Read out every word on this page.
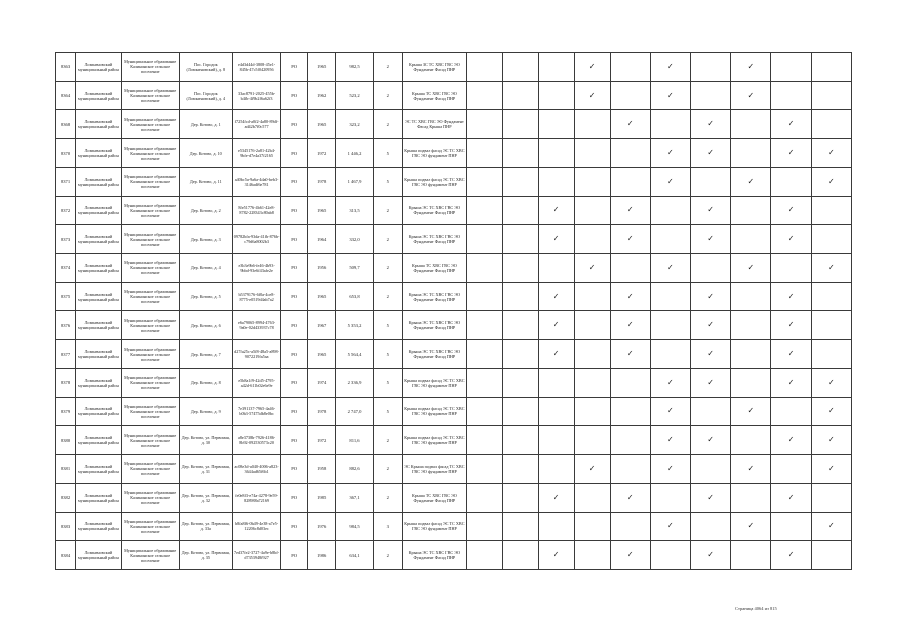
8363	Лозиненовский муниципальный район	Муниципальное образование Калининское сельское поселение	Пос. Городок (Лозиненовский), д. 8	e4d3d44d-3808-45e1-845b-47c5f0420956	РО	1965	982,5	2	Крыша ЗС ТС ХВС ГВС ЭО Фундамент Фасад ПНР				✓		✓		✓		
8364	Лозиненовский муниципальный район	Муниципальное образование Калининское сельское поселение	Пос. Городок (Лозиненовский), д. 4	33ac8791-2025-455b-b4fb-4f9b2f6a62f3	РО	1962	523,2	2	Крыша ТС ХВС ГВС ЭО Фундамент Фасад ПНР				✓		✓		✓		
8368	Лозиненовский муниципальный район	Муниципальное образование Калининское сельское поселение	Дер. Котово, д. 1	f7254fcd-a0f2-4a80-89df-ad42b7f0c577	РО	1965	323,2	2	ЭС ТС ХВС ГВС ЭО Фундамент Фасад Крыша ПНР					✓		✓		✓	
8370	Лозиненовский муниципальный район	Муниципальное образование Калининское сельское поселение	Дер. Котово, д. 10	e5345176-2a81-42b4-9bfe-d7e4a37f2165	РО	1972	1 446,2	5	Крыша подвал фасад ЭС ТС ХВС ГВС ЭО фундамент ПНР						✓	✓		✓	✓
8371	Лозиненовский муниципальный район	Муниципальное образование Калининское сельское поселение	Дер. Котово, д. 11	a40bc5a-9a6a-4da0-beb3-3146adf6e781	РО	1978	1 467,9	5	Крыша подвал фасад ЭС ТС ХВС ГВС ЭО фундамент ПНР						✓		✓		✓
8372	Лозиненовский муниципальный район	Муниципальное образование Калининское сельское поселение	Дер. Котово, д. 2	8fe51776-4b61-42e8-8782-228343c80ab8	РО	1965	313,5	2	Крыша ЭС ТС ХВС ГВС ЭО Фундамент Фасад ПНР			✓		✓		✓		✓	
8373	Лозиненовский муниципальный район	Муниципальное образование Калининское сельское поселение	Дер. Котово, д. 3	09782bfa-93da-41fb-876b-c79d6a8002b3	РО	1964	332,0	2	Крыша ЭС ТС ХВС ГВС ЭО Фундамент Фасад ПНР			✓		✓		✓		✓	
8374	Лозиненовский муниципальный район	Муниципальное образование Калининское сельское поселение	Дер. Котово, д. 4	e3b3e9b6-fe46-4b93-9bbd-93e6f43afe2e	РО	1956	509,7	2	Крыша ТС ХВС ГВС ЭО Фундамент Фасад ПНР				✓		✓		✓		✓
8375	Лозиненовский муниципальный район	Муниципальное образование Калининское сельское поселение	Дер. Котово, д. 5	b5379176-6f0a-4ce8-8775-e0519d4ab7a2	РО	1965	653,8	2	Крыша ЭС ТС ХВС ГВС ЭО Фундамент Фасад ПНР			✓		✓		✓		✓	
8376	Лозиненовский муниципальный район	Муниципальное образование Калининское сельское поселение	Дер. Котово, д. 6	e6a79065-8994-4763-9a0e-02d433937c78	РО	1967	5 353,2	5	Крыша ЭС ТС ХВС ГВС ЭО Фундамент Фасад ПНР			✓		✓		✓		✓	
8377	Лозиненовский муниципальный район	Муниципальное образование Калининское сельское поселение	Дер. Котово, д. 7	d27fa25c-a5f8-48a5-a898-9072219fa5aa	РО	1965	5 564,4	5	Крыша ЭС ТС ХВС ГВС ЭО Фундамент Фасад ПНР			✓		✓		✓		✓	
8378	Лозиненовский муниципальный район	Муниципальное образование Калининское сельское поселение	Дер. Котово, д. 8	e5b8a1f9-42d5-4795-a42d-611b02e6e9e	РО	1974	2 336,9	5	Крыша подвал фасад ЭС ТС ХВС ГВС ЭО фундамент ПНР						✓	✓		✓	✓
8379	Лозиненовский муниципальный район	Муниципальное образование Калининское сельское поселение	Дер. Котово, д. 9	7e391137-7965-4a46-b0b3-57475db8e0bc	РО	1978	2 747,0	5	Крыша подвал фасад ЭС ТС ХВС ГВС ЭО фундамент ПНР						✓		✓		✓
8380	Лозиненовский муниципальный район	Муниципальное образование Калининское сельское поселение	Дер. Котово, ул. Первомая, д. 30	a8e3738b-7926-4186-8b92-092530573c20	РО	1972	811,6	2	Крыша подвал фасад ЭС ТС ХВС ГВС ЭО фундамент ПНР						✓	✓		✓	✓
8381	Лозиненовский муниципальный район	Муниципальное образование Калининское сельское поселение	Дер. Котово, ул. Первомая, д. 31	ac08e3d-a040-4006-a823-3644ad65f6b1	РО	1958	882,6	2	ЭС Крыша подвал фасад ТС ХВС ГВС ЭО фундамент ПНР				✓		✓		✓		✓
8382	Лозиненовский муниципальный район	Муниципальное образование Калининское сельское поселение	Дер. Котово, ул. Первомая, д. 32	fe0e8f3-e74a-4278-9e59-828988a72169	РО	1985	367,1	2	Крыша ТС ХВС ГВС ЭО Фундамент Фасад ПНР			✓		✓		✓		✓	
8383	Лозиненовский муниципальный район	Муниципальное образование Калининское сельское поселение	Дер. Котово, ул. Первомая, д. 33а	b8fa8f6-0b49-4e38-a7e5-12206c8d03ec	РО	1976	984,5	3	Крыша подвал фасад ЭС ТС ХВС ГВС ЭО фундамент ПНР						✓		✓		✓
8384	Лозиненовский муниципальный район	Муниципальное образование Калининское сельское поселение	Дер. Котово, ул. Первомая, д. 35	7ed37fe2-3727-4a9e-b8bf-d7353948f927	РО	1986	634,1	2	Крыша ЭС ТС ХВС ГВС ЭО Фундамент Фасад ПНР			✓		✓		✓		✓	
Страница 4064 из 815
